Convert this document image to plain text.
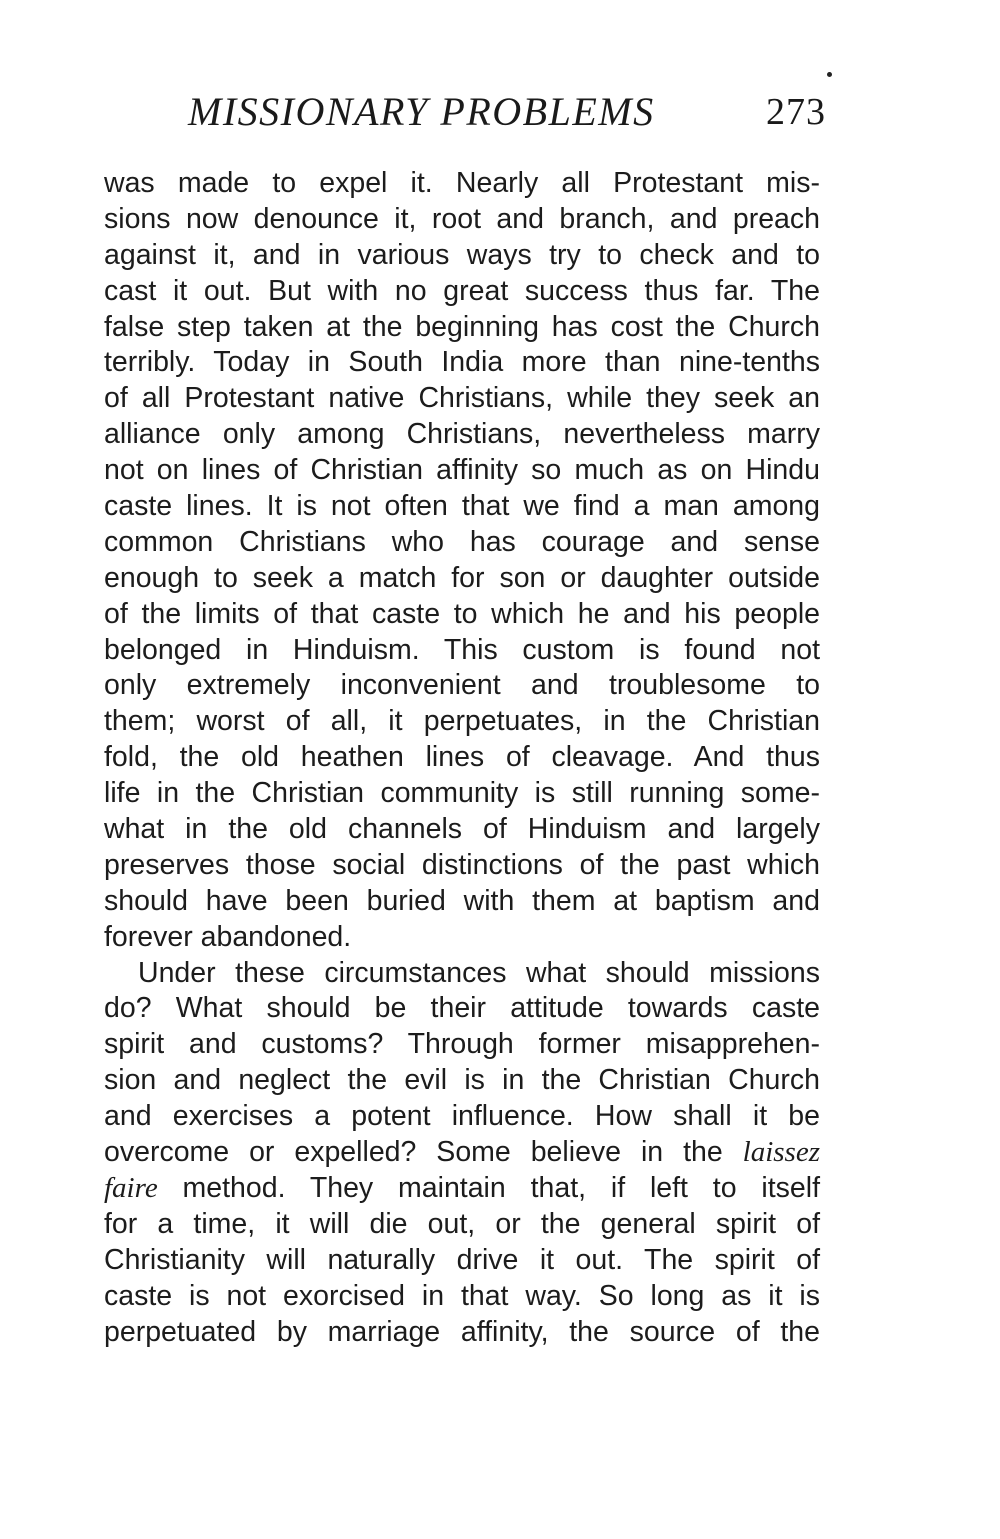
MISSIONARY PROBLEMS	273
was made to expel it. Nearly all Protestant mis-
sions now denounce it, root and branch, and preach
against it, and in various ways try to check and to
cast it out. But with no great success thus far. The
false step taken at the beginning has cost the Church
terribly. Today in South India more than nine-tenths
of all Protestant native Christians, while they seek an
alliance only among Christians, nevertheless marry
not on lines of Christian affinity so much as on Hindu
caste lines. It is not often that we find a man among
common Christians who has courage and sense
enough to seek a match for son or daughter outside
of the limits of that caste to which he and his people
belonged in Hinduism. This custom is found not
only extremely inconvenient and troublesome to
them; worst of all, it perpetuates, in the Christian
fold, the old heathen lines of cleavage. And thus
life in the Christian community is still running some-
what in the old channels of Hinduism and largely
preserves those social distinctions of the past which
should have been buried with them at baptism and
forever abandoned.
Under these circumstances what should missions
do? What should be their attitude towards caste
spirit and customs? Through former misapprehen-
sion and neglect the evil is in the Christian Church
and exercises a potent influence. How shall it be
overcome or expelled? Some believe in the laissez
faire method. They maintain that, if left to itself
for a time, it will die out, or the general spirit of
Christianity will naturally drive it out. The spirit of
caste is not exorcised in that way. So long as it is
perpetuated by marriage affinity, the source of the
